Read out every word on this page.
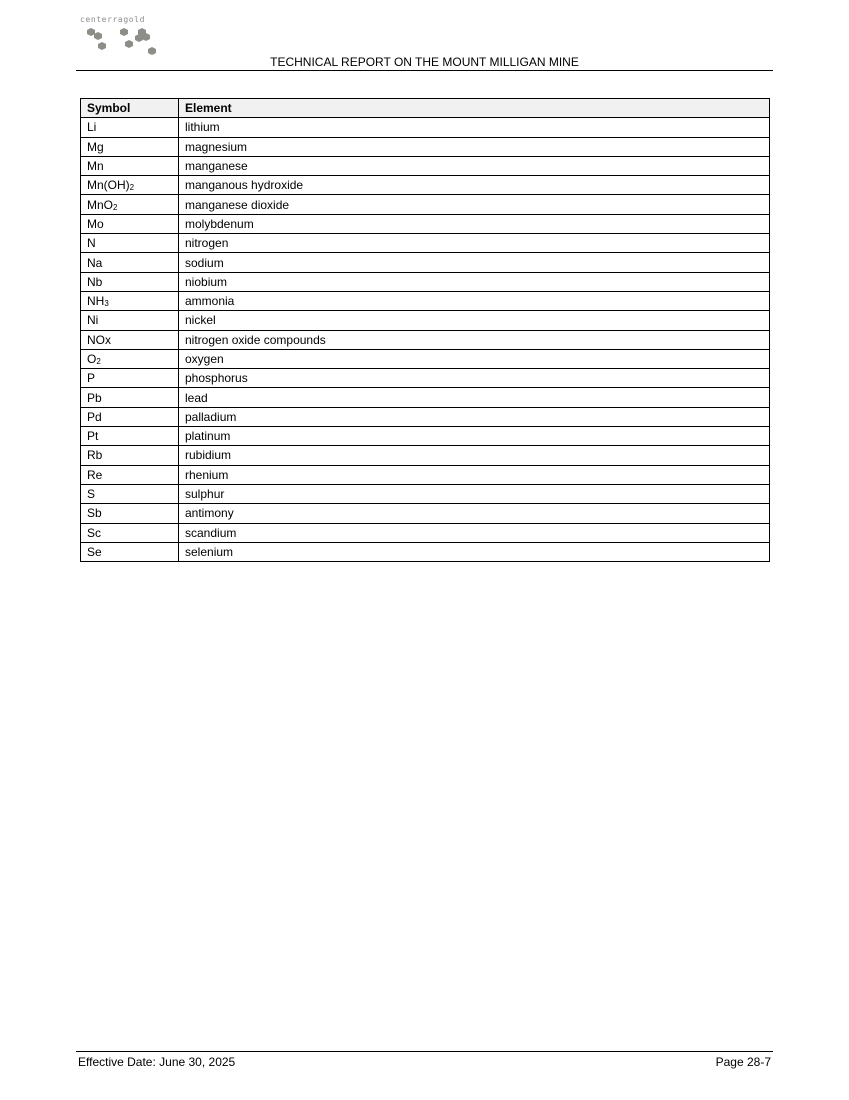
centerragold
TECHNICAL REPORT ON THE MOUNT MILLIGAN MINE
Symbol	Element
Li	lithium
Mg	magnesium
Mn	manganese
$Mn(OH)_2$	manganous hydroxide
MnO$_2$	manganese dioxide
Mo	molybdenum
N	nitrogen
Na	sodium
Nb	niobium
$NH_3$	ammonia
Ni	nickel
NOx	nitrogen oxide compounds
$O_2$	oxygen
P	phosphorus
Pb	lead
Pd	palladium
Pt	platinum
Rb	rubidium
Re	rhenium
S	sulphur
Sb	antimony
Sc	scandium
Se	selenium
Effective Date: June 30, 2025	Page 28-7
